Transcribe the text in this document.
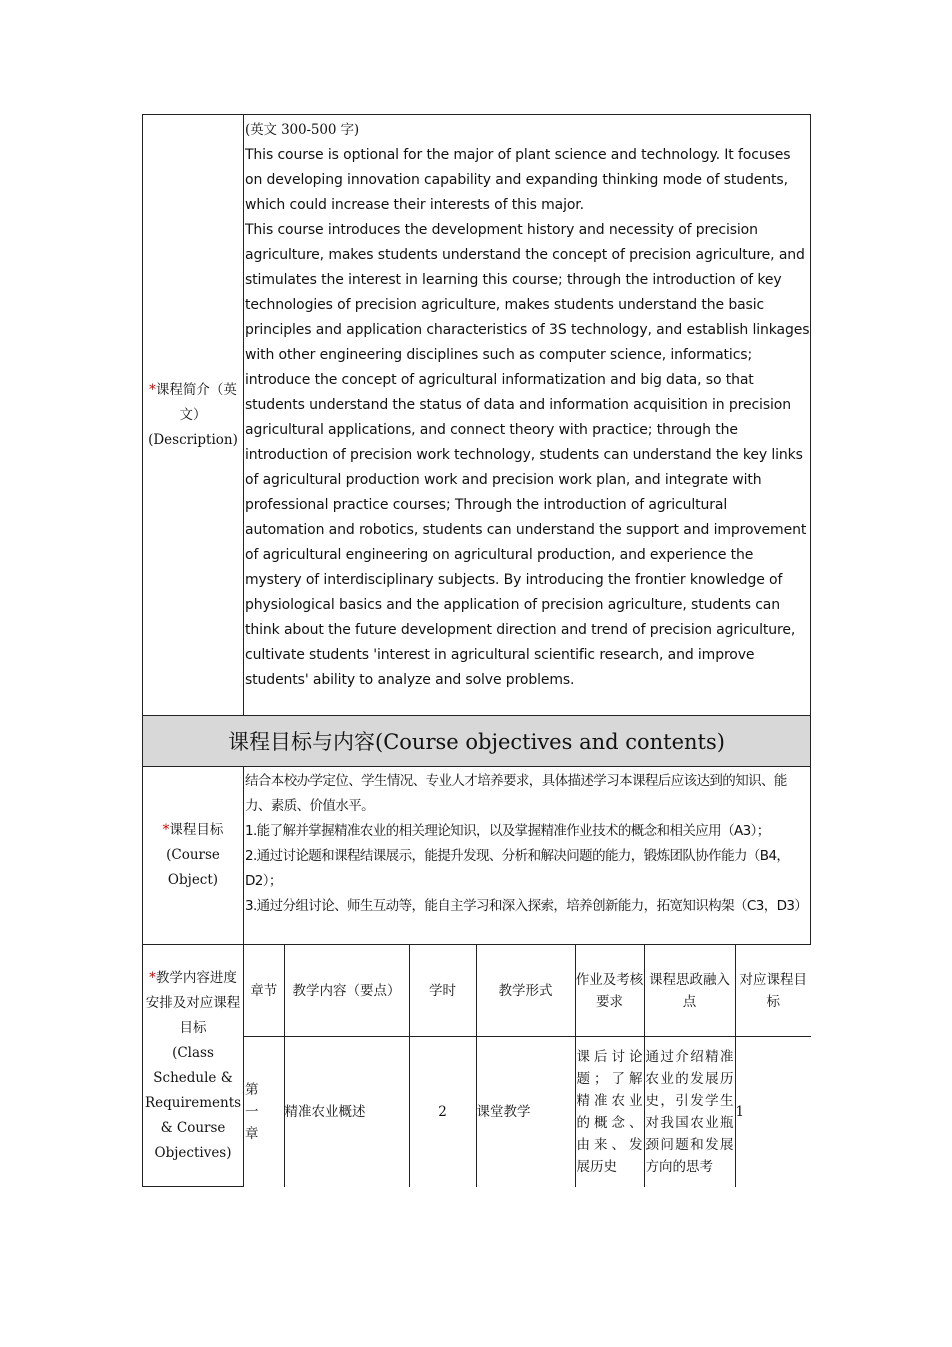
*课程简介（英文）
(Description)	

(英文 300-500 字)

This course is optional for the major of plant science and technology. It focuses on developing innovation capability and expanding thinking mode of students, which could increase their interests of this major.

This course introduces the development history and necessity of precision agriculture, makes students understand the concept of precision agriculture, and stimulates the interest in learning this course; through the introduction of key technologies of precision agriculture, makes students understand the basic principles and application characteristics of 3S technology, and establish linkages with other engineering disciplines such as computer science, informatics; introduce the concept of agricultural informatization and big data, so that students understand the status of data and information acquisition in precision agricultural applications, and connect theory with practice; through the introduction of precision work technology, students can understand the key links of agricultural production work and precision work plan, and integrate with professional practice courses; Through the introduction of agricultural automation and robotics, students can understand the support and improvement of agricultural engineering on agricultural production, and experience the mystery of interdisciplinary subjects. By introducing the frontier knowledge of physiological basics and the application of precision agriculture, students can think about the future development direction and trend of precision agriculture, cultivate students 'interest in agricultural scientific research, and improve students' ability to analyze and solve problems.

课程目标与内容(Course objectives and contents)
*课程目标
(Course Object)	

结合本校办学定位、学生情况、专业人才培养要求，具体描述学习本课程后应该达到的知识、能力、素质、价值水平。

1.能了解并掌握精准农业的相关理论知识，以及掌握精准作业技术的概念和相关应用（A3）；

2.通过讨论题和课程结课展示，能提升发现、分析和解决问题的能力，锻炼团队协作能力（B4，D2）；

3.通过分组讨论、师生互动等，能自主学习和深入探索，培养创新能力，拓宽知识构架（C3，D3）

*教学内容进度安排及对应课程目标
(Class Schedule & Requirements & Course Objectives)	
章节	教学内容（要点）	学时	教学形式	作业及考核要求	课程思政融入点	对应课程目标
第一章	精准农业概述	2	课堂教学	课后讨论题；了解精准农业的概念、由来、发展历史	通过介绍精准农业的发展历史，引发学生对我国农业瓶颈问题和发展方向的思考	1
